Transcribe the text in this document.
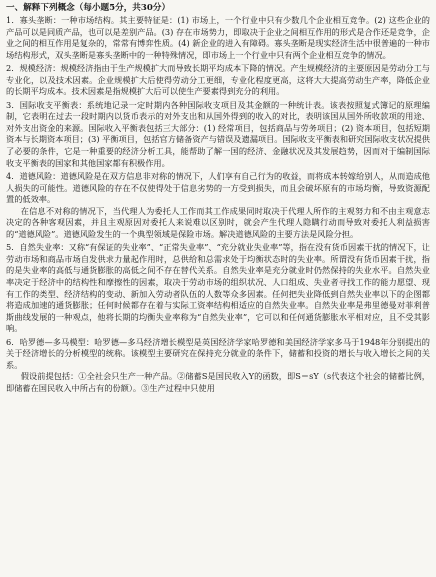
一、解释下列概念（每小题5分，共30分）

1．寡头垄断：一种市场结构。其主要特征是：(1) 市场上，一个行业中只有少数几个企业相互竞争。(2) 这些企业的产品可以是同质产品，也可以是差别产品。(3) 存在市场势力，即取决于企业之间相互作用的形式是合作还是竞争，企业之间的相互作用是复杂的，常常有博弈性质。(4) 新企业的进入有障碍。寡头垄断是现实经济生活中很普遍的一种市场结构形式，双头垄断是寡头垄断中的一种特殊情况，即市场上一个行业中只有两个企业相互竞争的情况。

2．规模经济：规模经济指由于生产规模扩大而导致长期平均成本下降的情况。产生规模经济的主要原因是劳动分工与专业化，以及技术因素。企业规模扩大后使得劳动分工更细，专业化程度更高，这将大大提高劳动生产率，降低企业的长期平均成本。技术因素是指规模扩大后可以使生产要素得到充分的利用。

3．国际收支平衡表：系统地记录一定时期内各种国际收支项目及其金额的一种统计表。该表按照复式簿记的原理编制，它表明在过去一段时期内以货币表示的对外支出和从国外得到的收入的对比，表明该国从国外所收款项的用途、对外支出资金的来源。国际收入平衡表包括三大部分：(1) 经常项目，包括商品与劳务项目；(2) 资本项目，包括短期资本与长期资本项目；(3) 平衡项目，包括官方储备资产与错误及遗漏项目。国际收支平衡表和研究国际收支状况提供了必要的条件，它是一种重要的经济分析工具，能帮助了解一国的经济、金融状况及其发展趋势，因而对于编制国际收支平衡表的国家和其他国家都有积极作用。

4．道德风险：道德风险是在双方信息非对称的情况下，人们享有自己行为的收益，而将成本转嫁给别人，从而造成他人损失的可能性。道德风险的存在不仅使得处于信息劣势的一方受到损失，而且会破坏原有的市场均衡，导致资源配置的低效率。

在信息不对称的情况下，当代理人为委托人工作而其工作成果同时取决于代理人所作的主观努力和不由主观意志决定的各种客观因素，并且主观原因对委托人来说难以区别时，就会产生代理人隐瞒行动而导致对委托人利益损害的“道德风险”。道德风险发生的一个典型领域是保险市场。解决道德风险的主要方法是风险分担。

5．自然失业率：又称“有保证的失业率”、“正常失业率”、“充分就业失业率”等，指在没有货币因素干扰的情况下，让劳动市场和商品市场自发供求力量起作用时，总供给和总需求处于均衡状态时的失业率。所谓没有货币因素干扰，指的是失业率的高低与通货膨胀的高低之间不存在替代关系。自然失业率是充分就业时仍然保持的失业水平。自然失业率决定于经济中的结构性和摩擦性的因素，取决于劳动市场的组织状况、人口组成、失业者寻找工作的能力愿望、现有工作的类型、经济结构的变动、新加入劳动者队伍的人数等众多因素。任何把失业降低到自然失业率以下的企图都将造成加速的通货膨胀；任何时候都存在着与实际工资率结构相适应的自然失业率。自然失业率是弗里德曼对菲利普斯曲线发展的一种观点，他将长期的均衡失业率称为“自然失业率”，它可以和任何通货膨胀水平相对应，且不受其影响。

6．哈罗德—多马模型：哈罗德—多马经济增长模型是英国经济学家哈罗德和美国经济学家多马于1948年分别提出的关于经济增长的分析模型的统称。该模型主要研究在保持充分就业的条件下，储蓄和投资的增长与收入增长之间的关系。

假设前提包括：①全社会只生产一种产品。②储蓄S是国民收入Y的函数，即S＝sY（s代表这个社会的储蓄比例，即储蓄在国民收入中所占有的份额）。③生产过程中只使用
